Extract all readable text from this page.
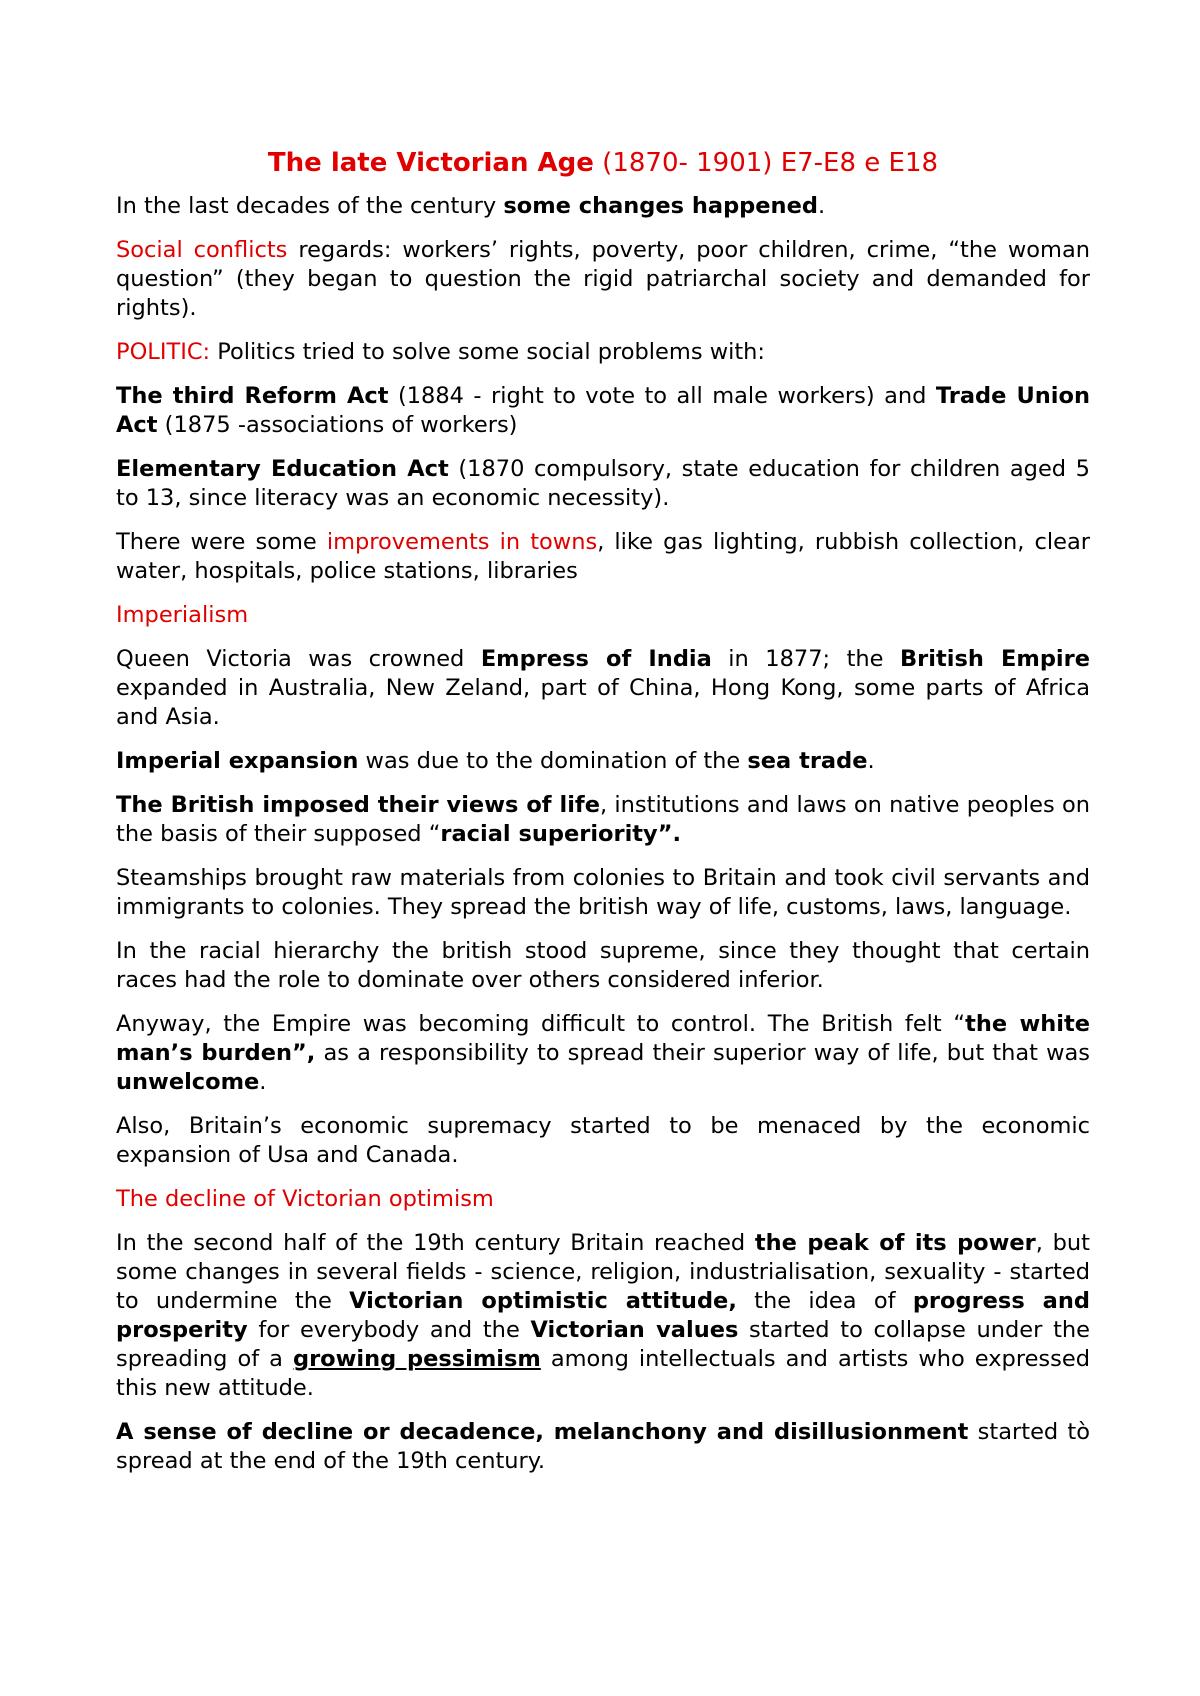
The late Victorian Age (1870- 1901) E7-E8 e E18

In the last decades of the century some changes happened.

Social conflicts regards: workers’ rights, poverty, poor children, crime, “the woman question” (they began to question the rigid patriarchal society and demanded for rights).

POLITIC: Politics tried to solve some social problems with:

The third Reform Act (1884 - right to vote to all male workers) and Trade Union Act (1875 -associations of workers)

Elementary Education Act (1870 compulsory, state education for children aged 5 to 13, since literacy was an economic necessity).

There were some improvements in towns, like gas lighting, rubbish collection, clear water, hospitals, police stations, libraries

Imperialism

Queen Victoria was crowned Empress of India in 1877; the British Empire expanded in Australia, New Zeland, part of China, Hong Kong, some parts of Africa and Asia.

Imperial expansion was due to the domination of the sea trade.

The British imposed their views of life, institutions and laws on native peoples on the basis of their supposed “racial superiority”.

Steamships brought raw materials from colonies to Britain and took civil servants and immigrants to colonies. They spread the british way of life, customs, laws, language.

In the racial hierarchy the british stood supreme, since they thought that certain races had the role to dominate over others considered inferior.

Anyway, the Empire was becoming difficult to control. The British felt “the white man’s burden”, as a responsibility to spread their superior way of life, but that was unwelcome.

Also, Britain’s economic supremacy started to be menaced by the economic expansion of Usa and Canada.

The decline of Victorian optimism

In the second half of the 19th century Britain reached the peak of its power, but some changes in several fields - science, religion, industrialisation, sexuality - started to undermine the Victorian optimistic attitude, the idea of progress and prosperity for everybody and the Victorian values started to collapse under the spreading of a growing pessimism among intellectuals and artists who expressed this new attitude.

A sense of decline or decadence, melanchony and disillusionment started tò spread at the end of the 19th century.
